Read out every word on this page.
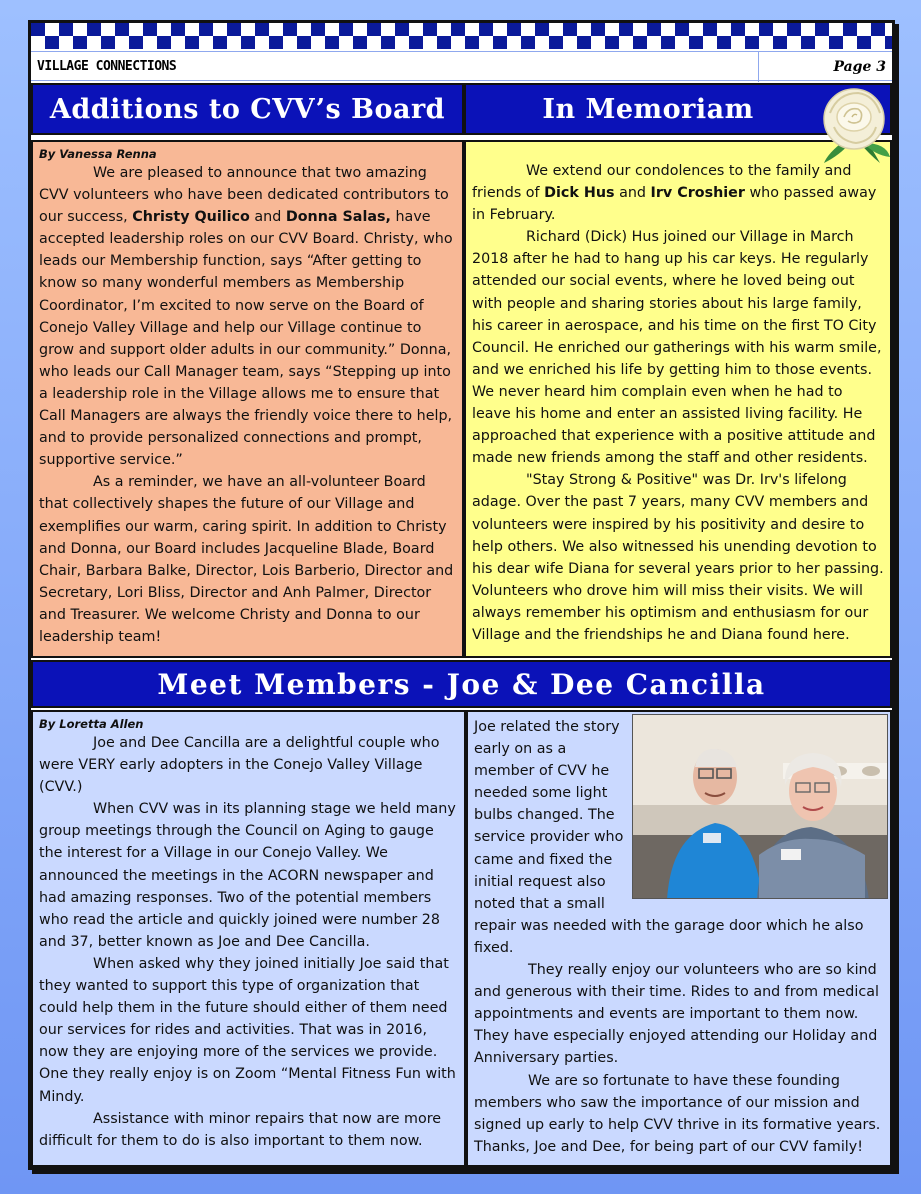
VILLAGE CONNECTIONS	Page 3
Additions to CVV’s Board	In Memoriam

By Vanessa Renna

We are pleased to announce that two amazing CVV volunteers who have been dedicated contributors to our success, Christy Quilico and Donna Salas, have accepted leadership roles on our CVV Board. Christy, who leads our Membership function, says “After getting to know so many wonderful members as Membership Coordinator, I’m excited to now serve on the Board of Conejo Valley Village and help our Village continue to grow and support older adults in our community.” Donna, who leads our Call Manager team, says “Stepping up into a leadership role in the Village allows me to ensure that Call Managers are always the friendly voice there to help, and to provide personalized connections and prompt, supportive service.”

As a reminder, we have an all-volunteer Board that collectively shapes the future of our Village and exemplifies our warm, caring spirit. In addition to Christy and Donna, our Board includes Jacqueline Blade, Board Chair, Barbara Balke, Director, Lois Barberio, Director and Secretary, Lori Bliss, Director and Anh Palmer, Director and Treasurer. We welcome Christy and Donna to our leadership team!

We extend our condolences to the family and friends of Dick Hus and Irv Croshier who passed away in February.

Richard (Dick) Hus joined our Village in March 2018 after he had to hang up his car keys. He regularly attended our social events, where he loved being out with people and sharing stories about his large family, his career in aerospace, and his time on the first TO City Council. He enriched our gatherings with his warm smile, and we enriched his life by getting him to those events. We never heard him complain even when he had to leave his home and enter an assisted living facility. He approached that experience with a positive attitude and made new friends among the staff and other residents.

"Stay Strong & Positive" was Dr. Irv's lifelong adage. Over the past 7 years, many CVV members and volunteers were inspired by his positivity and desire to help others. We also witnessed his unending devotion to his dear wife Diana for several years prior to her passing. Volunteers who drove him will miss their visits. We will always remember his optimism and enthusiasm for our Village and the friendships he and Diana found here.

Meet Members - Joe & Dee Cancilla

By Loretta Allen

Joe and Dee Cancilla are a delightful couple who were VERY early adopters in the Conejo Valley Village (CVV.)

When CVV was in its planning stage we held many group meetings through the Council on Aging to gauge the interest for a Village in our Conejo Valley. We announced the meetings in the ACORN newspaper and had amazing responses. Two of the potential members who read the article and quickly joined were number 28 and 37, better known as Joe and Dee Cancilla.

When asked why they joined initially Joe said that they wanted to support this type of organization that could help them in the future should either of them need our services for rides and activities. That was in 2016, now they are enjoying more of the services we provide. One they really enjoy is on Zoom “Mental Fitness Fun with Mindy.

Assistance with minor repairs that now are more difficult for them to do is also important to them now.

Joe related the story early on as a member of CVV he needed some light bulbs changed. The service provider who came and fixed the initial request also noted that a small repair was needed with the garage door which he also fixed.

They really enjoy our volunteers who are so kind and generous with their time. Rides to and from medical appointments and events are important to them now. They have especially enjoyed attending our Holiday and Anniversary parties.

We are so fortunate to have these founding members who saw the importance of our mission and signed up early to help CVV thrive in its formative years. Thanks, Joe and Dee, for being part of our CVV family!
